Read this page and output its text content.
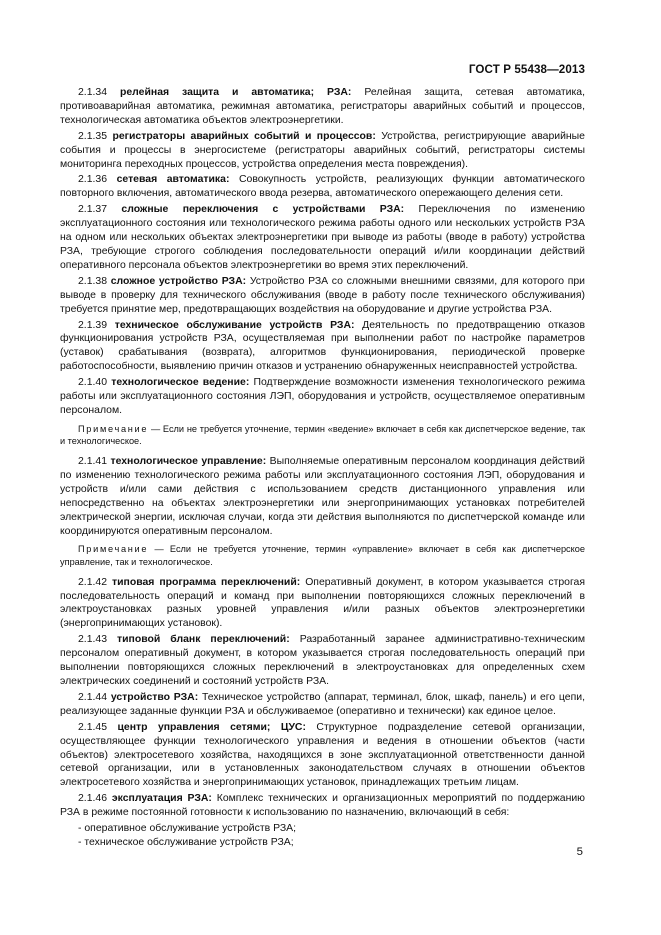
ГОСТ Р 55438—2013

2.1.34 релейная защита и автоматика; РЗА: Релейная защита, сетевая автоматика, противоаварийная автоматика, режимная автоматика, регистраторы аварийных событий и процессов, технологическая автоматика объектов электроэнергетики.

2.1.35 регистраторы аварийных событий и процессов: Устройства, регистрирующие аварийные события и процессы в энергосистеме (регистраторы аварийных событий, регистраторы системы мониторинга переходных процессов, устройства определения места повреждения).

2.1.36 сетевая автоматика: Совокупность устройств, реализующих функции автоматического повторного включения, автоматического ввода резерва, автоматического опережающего деления сети.

2.1.37 сложные переключения с устройствами РЗА: Переключения по изменению эксплуатационного состояния или технологического режима работы одного или нескольких устройств РЗА на одном или нескольких объектах электроэнергетики при выводе из работы (вводе в работу) устройства РЗА, требующие строгого соблюдения последовательности операций и/или координации действий оперативного персонала объектов электроэнергетики во время этих переключений.

2.1.38 сложное устройство РЗА: Устройство РЗА со сложными внешними связями, для которого при выводе в проверку для технического обслуживания (вводе в работу после технического обслуживания) требуется принятие мер, предотвращающих воздействия на оборудование и другие устройства РЗА.

2.1.39 техническое обслуживание устройств РЗА: Деятельность по предотвращению отказов функционирования устройств РЗА, осуществляемая при выполнении работ по настройке параметров (уставок) срабатывания (возврата), алгоритмов функционирования, периодической проверке работоспособности, выявлению причин отказов и устранению обнаруженных неисправностей устройства.

2.1.40 технологическое ведение: Подтверждение возможности изменения технологического режима работы или эксплуатационного состояния ЛЭП, оборудования и устройств, осуществляемое оперативным персоналом.

Примечание — Если не требуется уточнение, термин «ведение» включает в себя как диспетчерское ведение, так и технологическое.

2.1.41 технологическое управление: Выполняемые оперативным персоналом координация действий по изменению технологического режима работы или эксплуатационного состояния ЛЭП, оборудования и устройств и/или сами действия с использованием средств дистанционного управления или непосредственно на объектах электроэнергетики или энергопринимающих установках потребителей электрической энергии, исключая случаи, когда эти действия выполняются по диспетчерской команде или координируются оперативным персоналом.

Примечание — Если не требуется уточнение, термин «управление» включает в себя как диспетчерское управление, так и технологическое.

2.1.42 типовая программа переключений: Оперативный документ, в котором указывается строгая последовательность операций и команд при выполнении повторяющихся сложных переключений в электроустановках разных уровней управления и/или разных объектов электроэнергетики (энергопринимающих установок).

2.1.43 типовой бланк переключений: Разработанный заранее административно-техническим персоналом оперативный документ, в котором указывается строгая последовательность операций при выполнении повторяющихся сложных переключений в электроустановках для определенных схем электрических соединений и состояний устройств РЗА.

2.1.44 устройство РЗА: Техническое устройство (аппарат, терминал, блок, шкаф, панель) и его цепи, реализующее заданные функции РЗА и обслуживаемое (оперативно и технически) как единое целое.

2.1.45 центр управления сетями; ЦУС: Структурное подразделение сетевой организации, осуществляющее функции технологического управления и ведения в отношении объектов (части объектов) электросетевого хозяйства, находящихся в зоне эксплуатационной ответственности данной сетевой организации, или в установленных законодательством случаях в отношении объектов электросетевого хозяйства и энергопринимающих установок, принадлежащих третьим лицам.

2.1.46 эксплуатация РЗА: Комплекс технических и организационных мероприятий по поддержанию РЗА в режиме постоянной готовности к использованию по назначению, включающий в себя:

- оперативное обслуживание устройств РЗА;

- техническое обслуживание устройств РЗА;

5
